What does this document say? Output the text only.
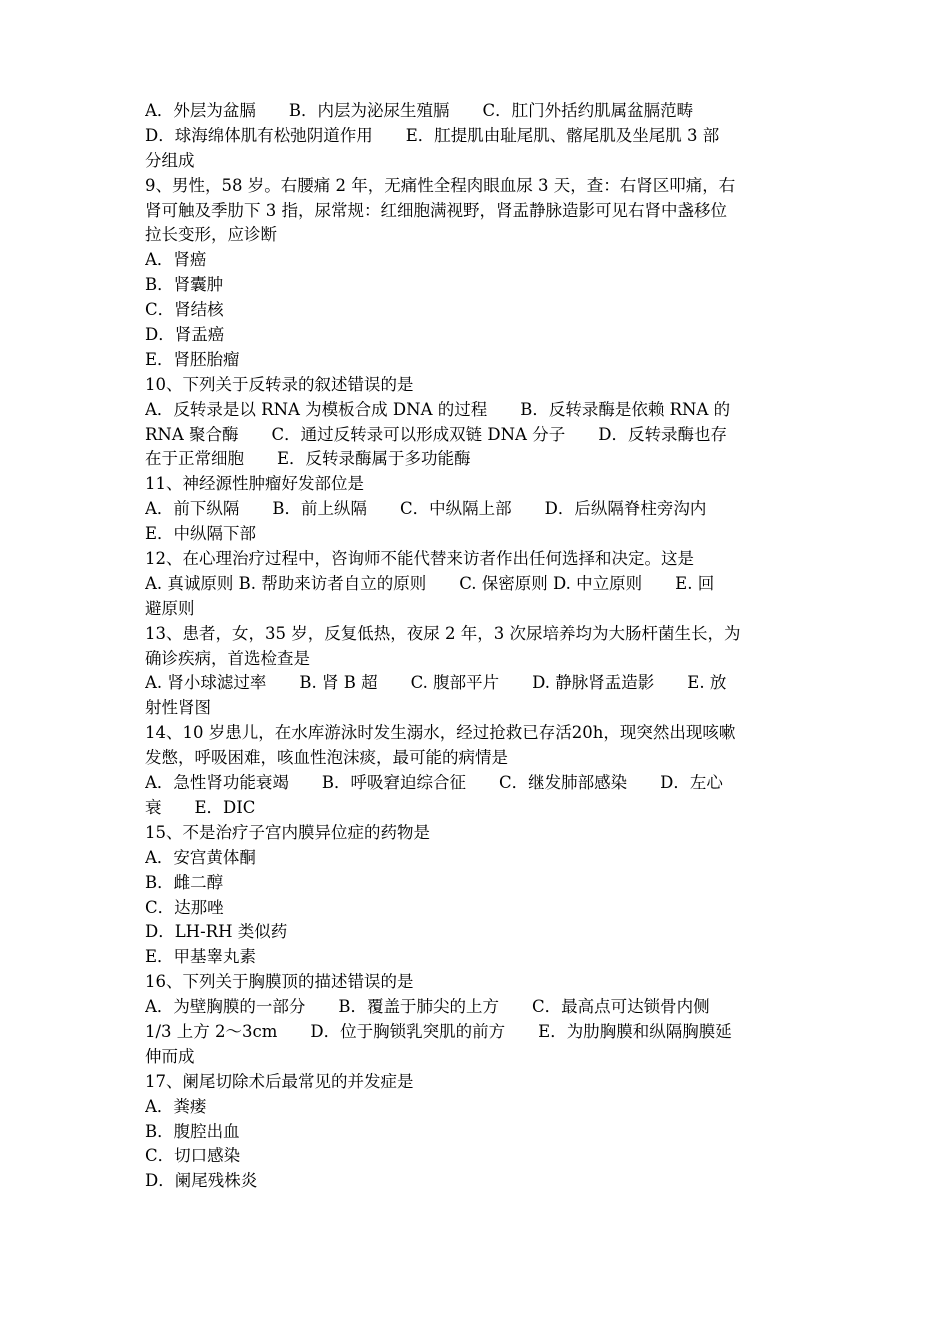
A．外层为盆膈　　B．内层为泌尿生殖膈　　C．肛门外括约肌属盆膈范畴
D．球海绵体肌有松弛阴道作用　　E．肛提肌由耻尾肌、髂尾肌及坐尾肌 3 部
分组成
9、男性，58 岁。右腰痛 2 年，无痛性全程肉眼血尿 3 天，查：右肾区叩痛，右
肾可触及季肋下 3 指，尿常规：红细胞满视野，肾盂静脉造影可见右肾中盏移位
拉长变形，应诊断
A．肾癌
B．肾囊肿
C．肾结核
D．肾盂癌
E．肾胚胎瘤
10、下列关于反转录的叙述错误的是
A．反转录是以 RNA 为模板合成 DNA 的过程　　B．反转录酶是依赖 RNA 的
RNA 聚合酶　　C．通过反转录可以形成双链 DNA 分子　　D．反转录酶也存
在于正常细胞　　E．反转录酶属于多功能酶
11、神经源性肿瘤好发部位是
A．前下纵隔　　B．前上纵隔　　C．中纵隔上部　　D．后纵隔脊柱旁沟内
E．中纵隔下部
12、在心理治疗过程中，咨询师不能代替来访者作出任何选择和决定。这是
A. 真诚原则 B. 帮助来访者自立的原则　　C. 保密原则 D. 中立原则　　E. 回
避原则
13、患者，女，35 岁，反复低热，夜尿 2 年，3 次尿培养均为大肠杆菌生长，为
确诊疾病，首选检查是
A. 肾小球滤过率　　B. 肾 B 超　　C. 腹部平片　　D. 静脉肾盂造影　　E. 放
射性肾图
14、10 岁患儿，在水库游泳时发生溺水，经过抢救已存活20h，现突然出现咳嗽
发憋，呼吸困难，咳血性泡沫痰，最可能的病情是
A．急性肾功能衰竭　　B．呼吸窘迫综合征　　C．继发肺部感染　　D．左心
衰　　E．DIC
15、不是治疗子宫内膜异位症的药物是
A．安宫黄体酮
B．雌二醇
C．达那唑
D．LH-RH 类似药
E．甲基睾丸素
16、下列关于胸膜顶的描述错误的是
A．为壁胸膜的一部分　　B．覆盖于肺尖的上方　　C．最高点可达锁骨内侧
1/3 上方 2～3cm　　D．位于胸锁乳突肌的前方　　E．为肋胸膜和纵隔胸膜延
伸而成
17、阑尾切除术后最常见的并发症是
A．粪瘘
B．腹腔出血
C．切口感染
D．阑尾残株炎
